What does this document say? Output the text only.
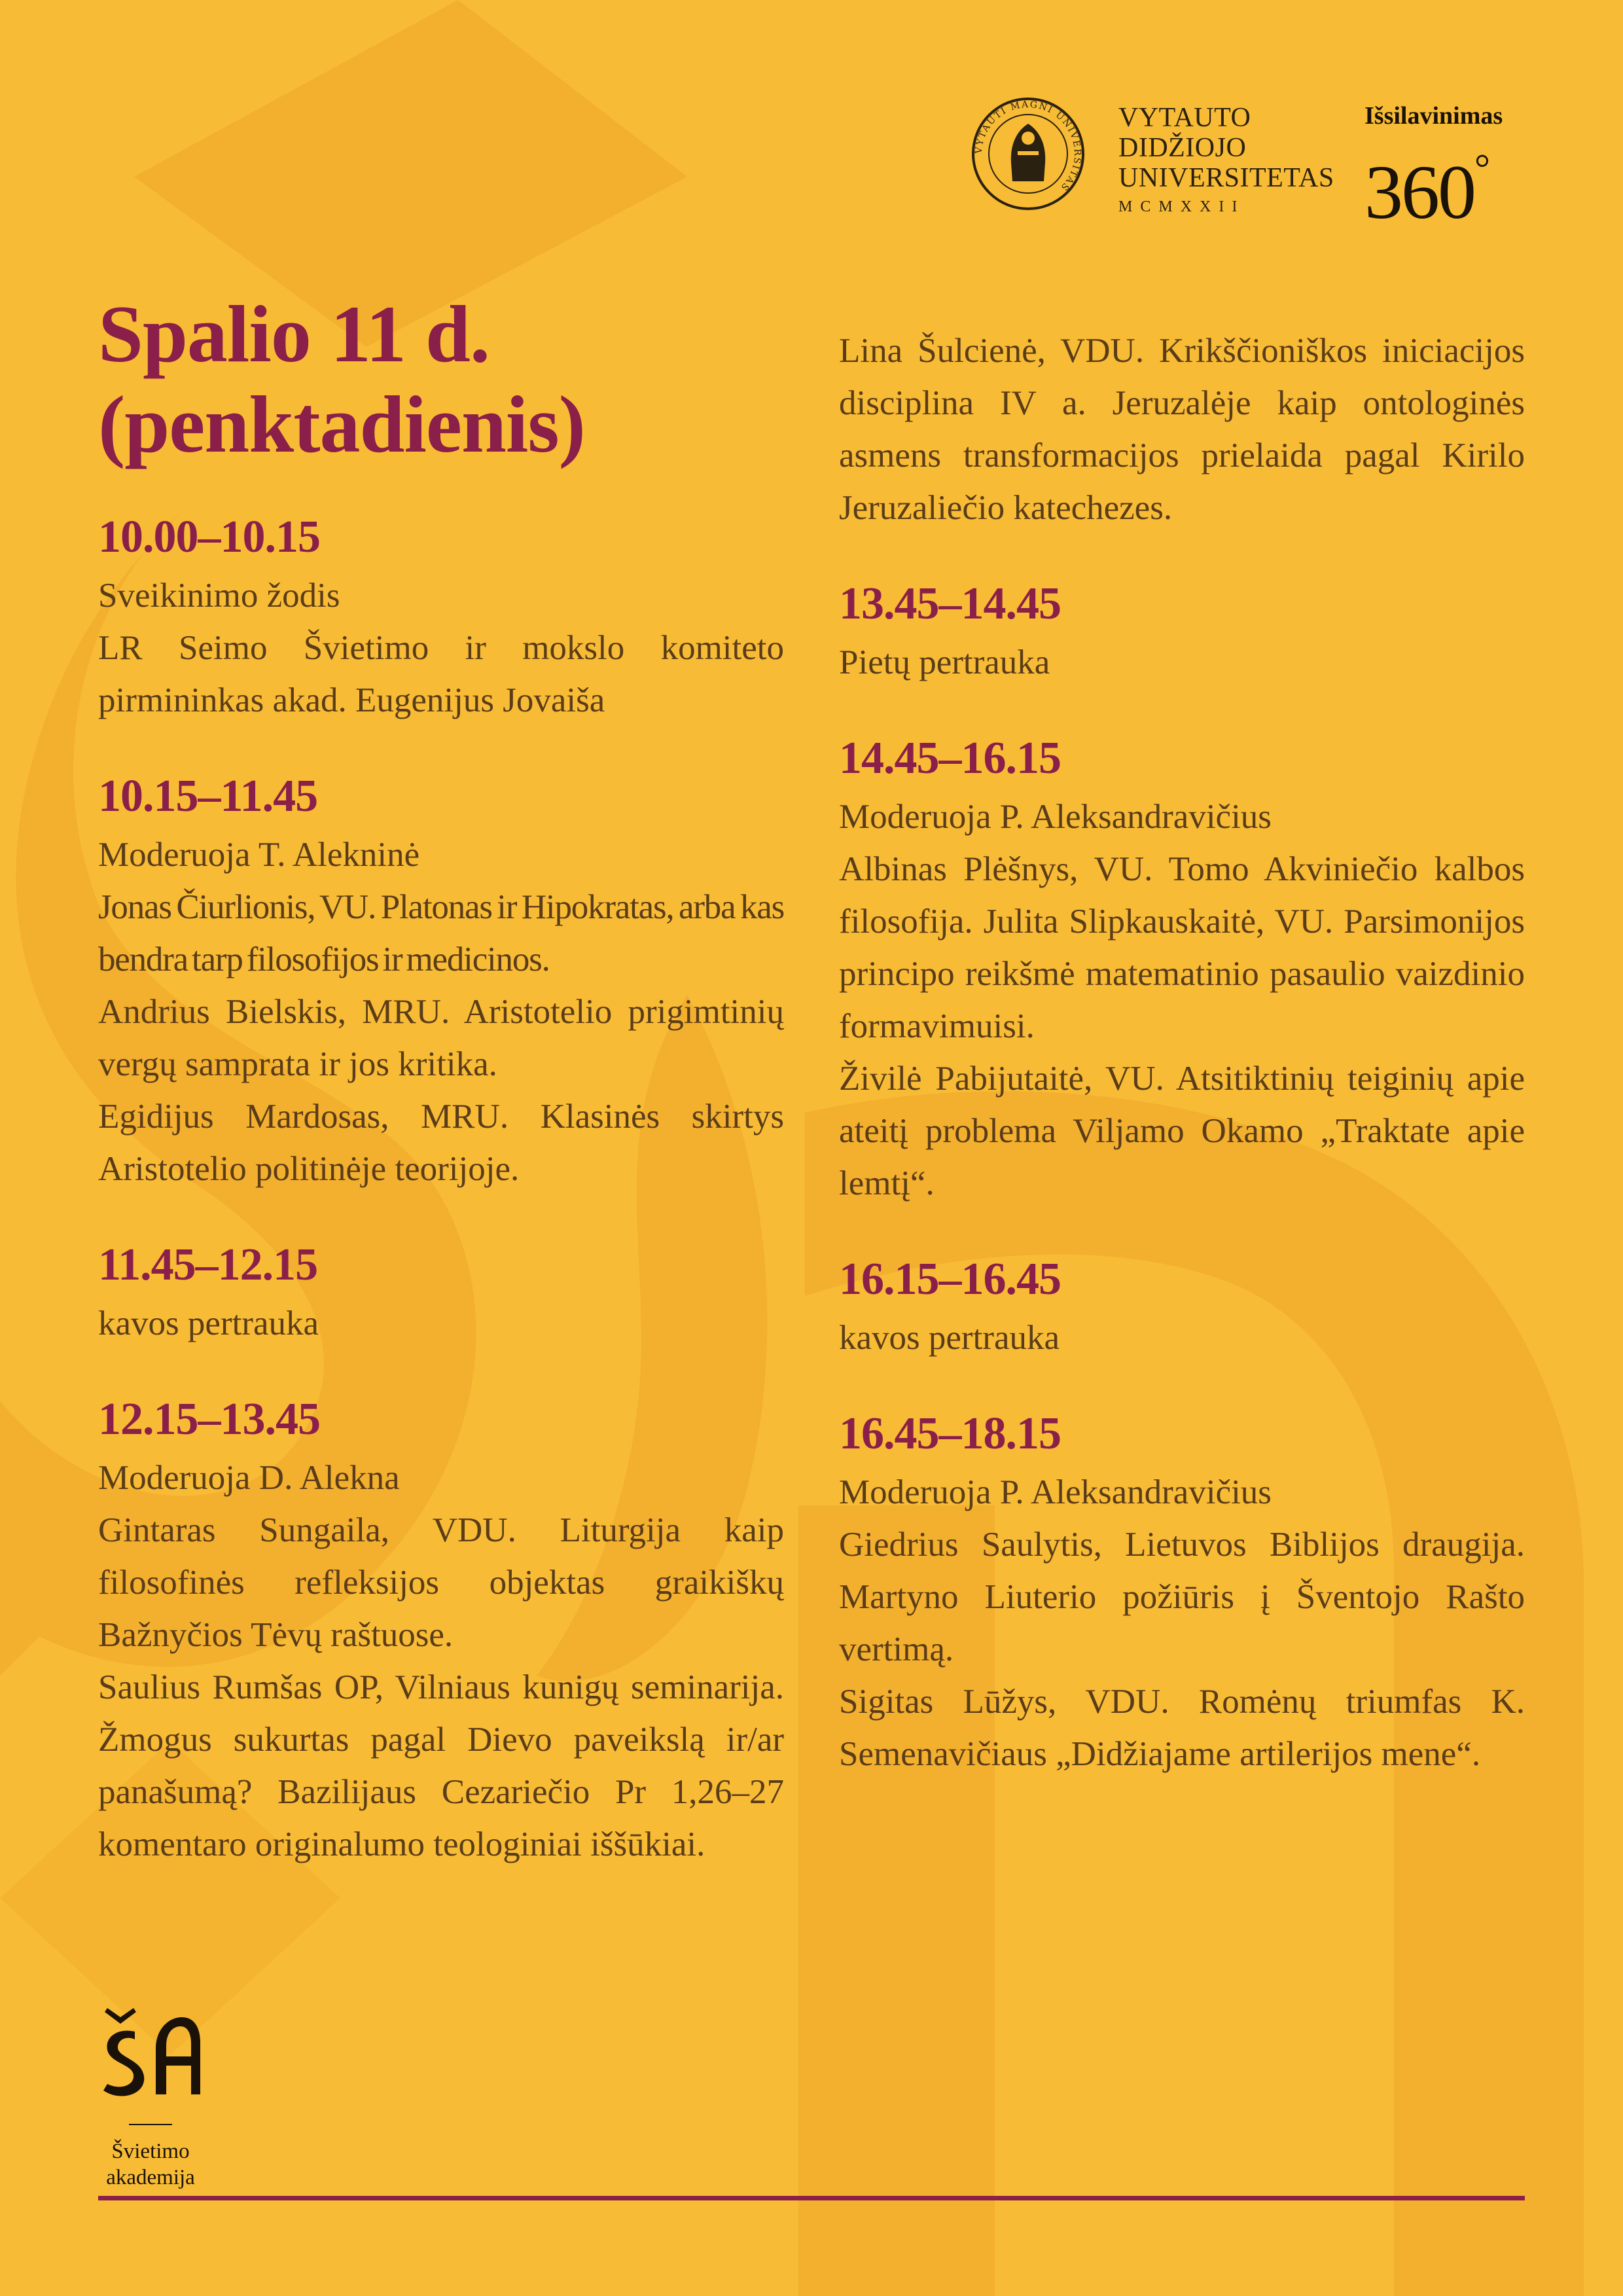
VYTAUTI MAGNI UNIVERSITAS
VYTAUTO
DIDŽIOJO
UNIVERSITETAS
MCMXXII
Išsilavinimas
360°
Spalio 11 d.
(penktadienis)
10.00–10.15

Sveikinimo žodis

LR Seimo Švietimo ir mokslo komiteto pirmininkas akad. Eugenijus Jovaiša

10.15–11.45

Moderuoja T. Alekninė

Jonas Čiurlionis, VU. Platonas ir Hipokratas, arba kas bendra tarp filosofijos ir medicinos.

Andrius Bielskis, MRU. Aristotelio prigimtinių vergų samprata ir jos kritika.

Egidijus Mardosas, MRU. Klasinės skirtys Aristotelio politinėje teorijoje.

11.45–12.15

kavos pertrauka

12.15–13.45

Moderuoja D. Alekna

Gintaras Sungaila, VDU. Liturgija kaip filosofinės refleksijos objektas graikiškų Bažnyčios Tėvų raštuose.

Saulius Rumšas OP, Vilniaus kunigų seminarija. Žmogus sukurtas pagal Dievo paveikslą ir/ar panašumą? Bazilijaus Cezariečio Pr 1,26–27 komentaro originalumo teologiniai iššūkiai.

Lina Šulcienė, VDU. Krikščioniškos iniciacijos disciplina IV a. Jeruzalėje kaip ontologinės asmens transformacijos prielaida pagal Kirilo Jeruzaliečio katechezes.

13.45–14.45

Pietų pertrauka

14.45–16.15

Moderuoja P. Aleksandravičius

Albinas Plėšnys, VU. Tomo Akviniečio kalbos filosofija. Julita Slipkauskaitė, VU. Parsimonijos principo reikšmė matematinio pasaulio vaizdinio formavimuisi.

Živilė Pabijutaitė, VU. Atsitiktinių teiginių apie ateitį problema Viljamo Okamo „Traktate apie lemtį“.

16.15–16.45

kavos pertrauka

16.45–18.15

Moderuoja P. Aleksandravičius

Giedrius Saulytis, Lietuvos Biblijos draugija. Martyno Liuterio požiūris į Šventojo Rašto vertimą.

Sigitas Lūžys, VDU. Romėnų triumfas K. Semenavičiaus „Didžiajame artilerijos mene“.

Švietimo
akademija
